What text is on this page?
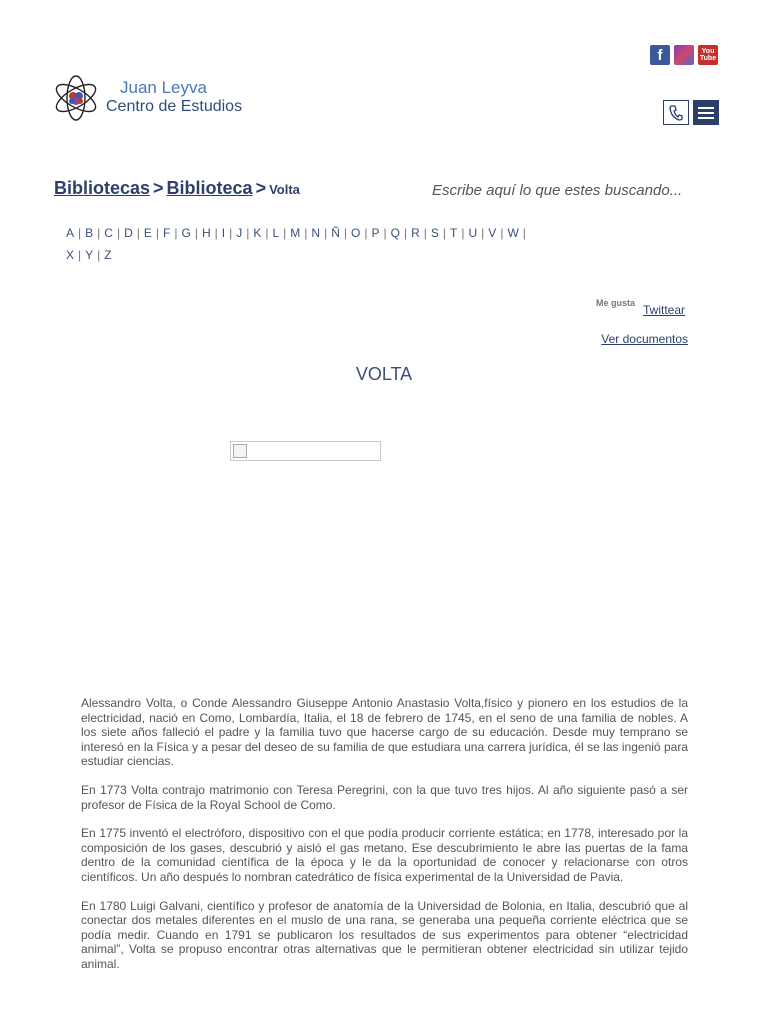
f	You
Tube
Juan Leyva
Centro de Estudios
Bibliotecas > Biblioteca > Volta
Escribe aquí lo que estes buscando...
A | B | C | D | E | F | G | H | I | J | K | L | M | N | Ñ | O | P | Q | R | S | T | U | V | W |
X | Y | Z
Me gusta Twittear
Ver documentos
VOLTA

Alessandro Volta, o Conde Alessandro Giuseppe Antonio Anastasio Volta,físico y pionero en los estudios de la electricidad, nació en Como, Lombardía, Italia, el 18 de febrero de 1745, en el seno de una familia de nobles. A los siete años falleció el padre y la familia tuvo que hacerse cargo de su educación. Desde muy temprano se interesó en la Física y a pesar del deseo de su familia de que estudiara una carrera jurídica, él se las ingenió para estudiar ciencias.

En 1773 Volta contrajo matrimonio con Teresa Peregrini, con la que tuvo tres hijos. Al año siguiente pasó a ser profesor de Física de la Royal School de Como.

En 1775 inventó el electróforo, dispositivo con el que podía producir corriente estática; en 1778, interesado por la composición de los gases, descubrió y aisló el gas metano. Ese descubrimiento le abre las puertas de la fama dentro de la comunidad científica de la época y le da la oportunidad de conocer y relacionarse con otros científicos. Un año después lo nombran catedrático de física experimental de la Universidad de Pavia.

En 1780 Luigi Galvani, científico y profesor de anatomía de la Universidad de Bolonia, en Italia, descubrió que al conectar dos metales diferentes en el muslo de una rana, se generaba una pequeña corriente eléctrica que se podía medir. Cuando en 1791 se publicaron los resultados de sus experimentos para obtener “electricidad animal”, Volta se propuso encontrar otras alternativas que le permitieran obtener electricidad sin utilizar tejido animal.
